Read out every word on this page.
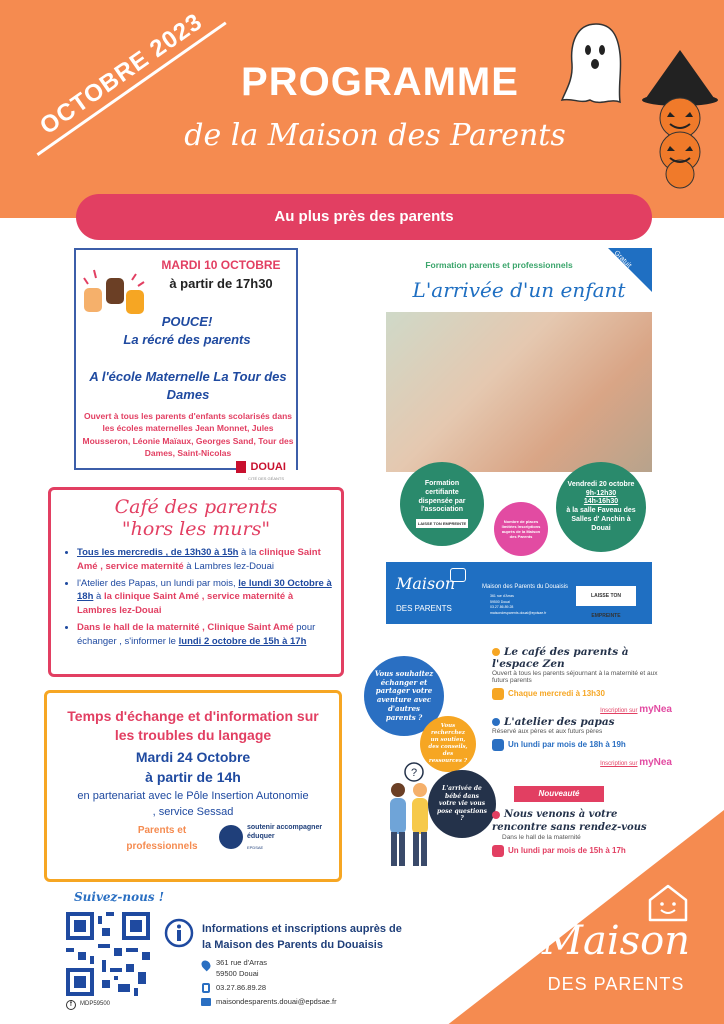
OCTOBRE 2023 PROGRAMME
de la Maison des Parents
Au plus près des parents
MARDI 10 OCTOBRE
à partir de 17h30
POUCE!
La récré des parents
A l'école Maternelle La Tour des Dames
Ouvert à tous les parents d'enfants scolarisés dans les écoles maternelles Jean Monnet, Jules Mousseron, Léonie Maïaux, Georges Sand, Tour des Dames, Saint-Nicolas
DOUAI
CITÉ DES GÉANTS
Café des parents
"hors les murs"
• Tous les mercredis , de 13h30 à 15h à la clinique Saint Amé , service maternité à Lambres lez-Douai
• l'Atelier des Papas, un lundi par mois, le lundi 30 Octobre à 18h à la clinique Saint Amé , service maternité à Lambres lez-Douai
• Dans le hall de la maternité , Clinique Saint Amé pour échanger , s'informer le lundi 2 octobre de 15h à 17h
Temps d'échange et d'information sur les troubles du langage
Mardi 24 Octobre
à partir de 14h
en partenariat avec le Pôle Insertion Autonomie , service Sessad
Parents et professionnels
soutenir accompagner éduquer
EPDSAE
Formation parents et professionnels	Gratuit
L'arrivée d'un enfant
Formation certifiante dispensée par l'association
LAISSE TON EMPREINTE	Nombre de places limitées Inscriptions auprès de la Maison des Parents
Vendredi 20 octobre
9h-12h30
14h-16h30
à la salle Faveau des Salles d' Anchin à Douai
Maison
DES PARENTS
Maison des Parents du Douaisis
361 rue d'Arras
59500 Douai
03.27.86.89.28
maisondesparents.douai@epdsae.fr
LAISSE TON EMPREINTE
Vous souhaitez échanger et partager votre aventure avec d'autres parents ?
Vous recherchez un soutien, des conseils, des ressources ?
L'arrivée de bébé dans votre vie vous pose questions ?
?
Le café des parents à l'espace Zen
Ouvert à tous les parents séjournant à la maternité et aux futurs parents
Chaque mercredi à 13h30
Inscription sur myNea
L'atelier des papas
Réservé aux pères et aux futurs pères
Un lundi par mois de 18h à 19h
Inscription sur myNea
Nouveauté
Nous venons à votre rencontre sans rendez-vous
Dans le hall de la maternité
Un lundi par mois de 15h à 17h
Maison
DES PARENTS
Suivez-nous !
f	MDP59500
Informations et inscriptions auprès de la Maison des Parents du Douaisis
361 rue d'Arras
59500 Douai
03.27.86.89.28
maisondesparents.douai@epdsae.fr
